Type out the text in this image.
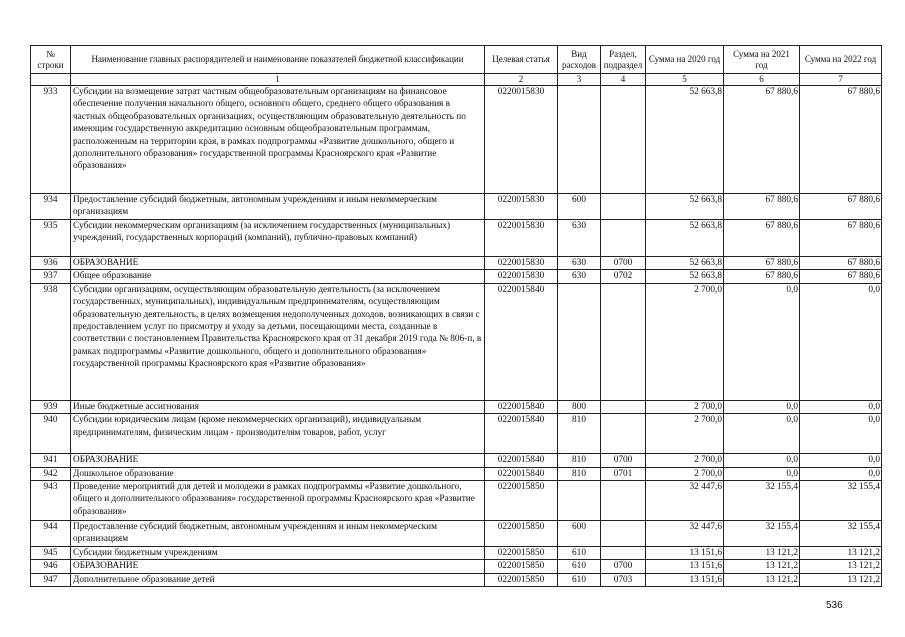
№ строки	Наименование главных распорядителей и наименование показателей бюджетной классификации	Целевая статья	Вид расходов	Раздел, подраздел	Сумма на 2020 год	Сумма на 2021 год	Сумма на 2022 год
	1	2	3	4	5	6	7
933	Субсидии на возмещение затрат частным общеобразовательным организациям на финансовое обеспечение получения начального общего, основного общего, среднего общего образования в частных общеобразовательных организациях, осуществляющим образовательную деятельность по имеющим государственную аккредитацию основным общеобразовательным программам, расположенным на территории края, в рамках подпрограммы «Развитие дошкольного, общего и дополнительного образования» государственной программы Красноярского края «Развитие образования»	0220015830			52 663,8	67 880,6	67 880,6
934	Предоставление субсидий бюджетным, автономным учреждениям и иным некоммерческим организациям	0220015830	600		52 663,8	67 880,6	67 880,6
935	Субсидии некоммерческим организациям (за исключением государственных (муниципальных) учреждений, государственных корпораций (компаний), публично-правовых компаний)	0220015830	630		52 663,8	67 880,6	67 880,6
936	ОБРАЗОВАНИЕ	0220015830	630	0700	52 663,8	67 880,6	67 880,6
937	Общее образование	0220015830	630	0702	52 663,8	67 880,6	67 880,6
938	Субсидии организациям, осуществляющим образовательную деятельность (за исключением государственных, муниципальных), индивидуальным предпринимателям, осуществляющим образовательную деятельность, в целях возмещения недополученных доходов, возникающих в связи с предоставлением услуг по присмотру и уходу за детьми, посещающими места, созданные в соответствии с постановлением Правительства Красноярского края от 31 декабря 2019 года № 806-п, в рамках подпрограммы «Развитие дошкольного, общего и дополнительного образования» государственной программы Красноярского края «Развитие образования»	0220015840			2 700,0	0,0	0,0
939	Иные бюджетные ассигнования	0220015840	800		2 700,0	0,0	0,0
940	Субсидии юридическим лицам (кроме некоммерческих организаций), индивидуальным предпринимателям, физическим лицам - производителям товаров, работ, услуг	0220015840	810		2 700,0	0,0	0,0
941	ОБРАЗОВАНИЕ	0220015840	810	0700	2 700,0	0,0	0,0
942	Дошкольное образование	0220015840	810	0701	2 700,0	0,0	0,0
943	Проведение мероприятий для детей и молодежи в рамках подпрограммы «Развитие дошкольного, общего и дополнительного образования» государственной программы Красноярского края «Развитие образования»	0220015850			32 447,6	32 155,4	32 155,4
944	Предоставление субсидий бюджетным, автономным учреждениям и иным некоммерческим организациям	0220015850	600		32 447,6	32 155,4	32 155,4
945	Субсидии бюджетным учреждениям	0220015850	610		13 151,6	13 121,2	13 121,2
946	ОБРАЗОВАНИЕ	0220015850	610	0700	13 151,6	13 121,2	13 121,2
947	Дополнительное образование детей	0220015850	610	0703	13 151,6	13 121,2	13 121,2
536
